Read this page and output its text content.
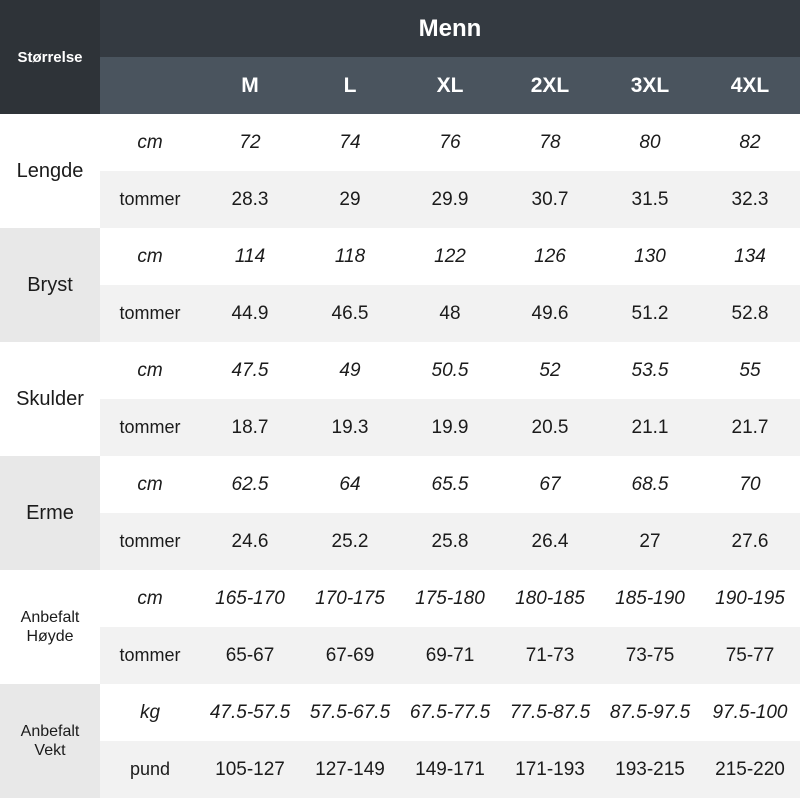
Størrelse
Menn
M	L	XL	2XL	3XL	4XL
Lengde
cm	72	74	76	78	80	82
tommer	28.3	29	29.9	30.7	31.5	32.3
Bryst
cm	114	118	122	126	130	134
tommer	44.9	46.5	48	49.6	51.2	52.8
Skulder
cm	47.5	49	50.5	52	53.5	55
tommer	18.7	19.3	19.9	20.5	21.1	21.7
Erme
cm	62.5	64	65.5	67	68.5	70
tommer	24.6	25.2	25.8	26.4	27	27.6
Anbefalt
Høyde
cm	165-170	170-175	175-180	180-185	185-190	190-195
tommer	65-67	67-69	69-71	71-73	73-75	75-77
Anbefalt
Vekt
kg	47.5-57.5	57.5-67.5	67.5-77.5	77.5-87.5	87.5-97.5	97.5-100
pund	105-127	127-149	149-171	171-193	193-215	215-220
